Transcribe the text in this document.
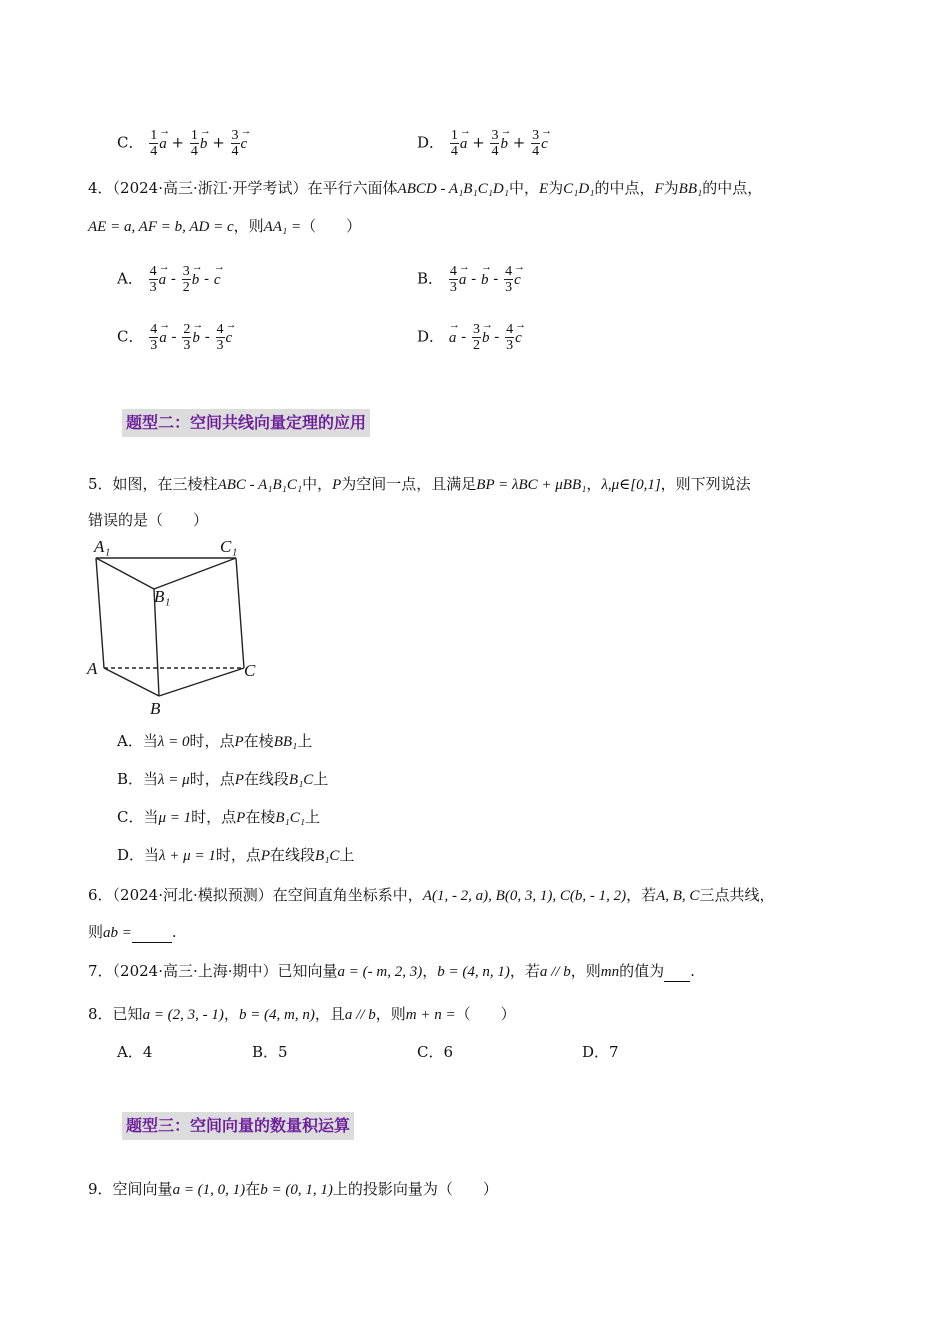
C． $\frac{1}{4}$
→ $a + \frac{1}{4}$
→ $b + \frac{3}{4}$
→ c	D． $\frac{1}{4}$
→ $a + \frac{3}{4}$
→ $b + \frac{3}{4}$
→ c
4．（2024·高三·浙江·开学考试）在平行六面体ABCD - A₁B₁C₁D₁中，E为C₁D₁的中点，F为BB₁的中点，
AE = a, AF = b, AD = c，则AA₁ =（　　）
A． $\frac{4}{3}$
→ a - $\frac{3}{2}$
→ b - → c	B． $\frac{4}{3}$
→ a - → b - $\frac{4}{3}$
→ c
C． $\frac{4}{3}$
→ a - $\frac{2}{3}$
→ b - $\frac{4}{3}$
→ c	D． → a - $\frac{3}{2}$
→ b - $\frac{4}{3}$
→ c
题型二：空间共线向量定理的应用
5．如图，在三棱柱ABC - A₁B₁C₁中，P为空间一点，且满足BP = λBC + μBB₁，λ,μ∈[0,1]，则下列说法
错误的是（　　）
A₁	C₁
B₁
A
B
C
A．当λ = 0时，点P在棱BB₁上
B．当λ = μ时，点P在线段B₁C上
C．当μ = 1时，点P在棱B₁C₁上
D．当λ + μ = 1时，点P在线段B₁C上
6．（2024·河北·模拟预测）在空间直角坐标系中，A(1, - 2, a), B(0, 3, 1), C(b, - 1, 2)，若A, B, C三点共线，
则ab =	.
7．（2024·高三·上海·期中）已知向量a = (- m, 2, 3)，b = (4, n, 1)，若a // b，则mn的值为 .
8．已知a = (2, 3, - 1)，b = (4, m, n)，且a // b，则m + n =（　　）
A．4	B．5	C．6	D．7
题型三：空间向量的数量积运算
9．空间向量a = (1, 0, 1)在b = (0, 1, 1)上的投影向量为（　　）
